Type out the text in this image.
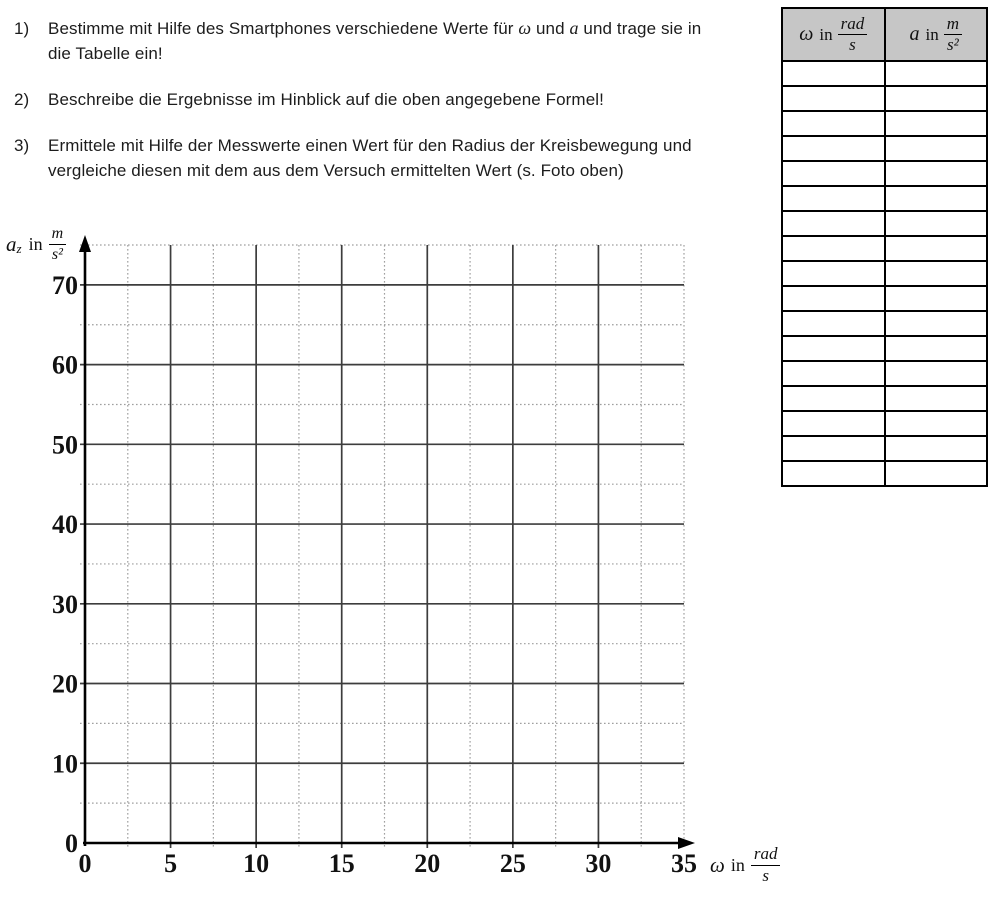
1)	Bestimme mit Hilfe des Smartphones verschiedene Werte für ω und a und trage sie in
die Tabelle ein!
2)	Beschreibe die Ergebnisse im Hinblick auf die oben angegebene Formel!
3)	Ermittele mit Hilfe der Messwerte einen Wert für den Radius der Kreisbewegung und
vergleiche diesen mit dem aus dem Versuch ermittelten Wert (s. Foto oben)
ω in $\frac{\text{rad}}{s}$	a in $\frac{m}{\text{s²}}$

0
10
20
30
40
50
60
70
0	5	10 15 20 25 30 35
a z in $\frac{m}{\text{s²}}$
ω in $\frac{\text{rad}}{s}$
